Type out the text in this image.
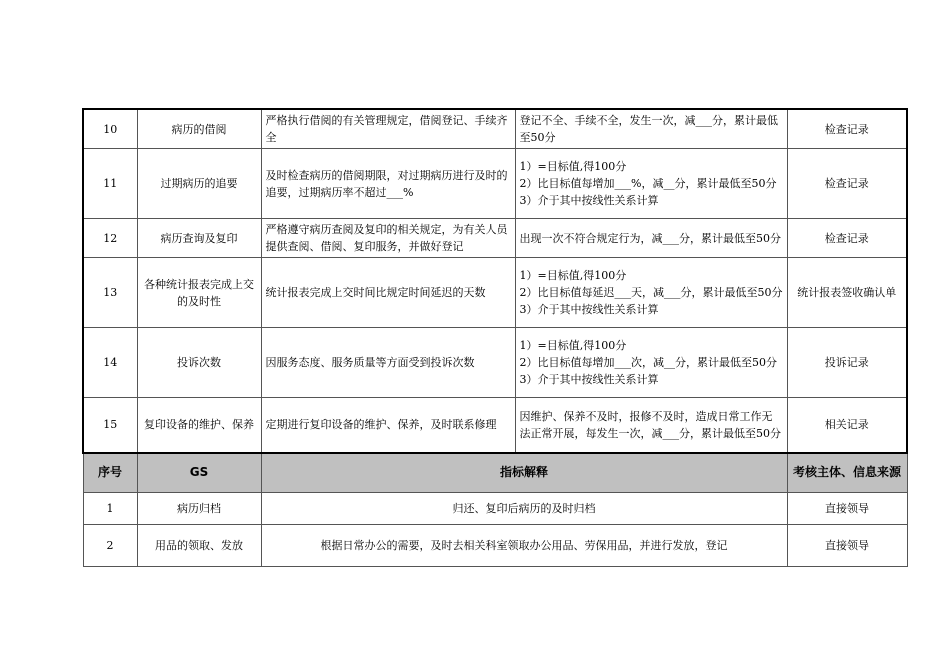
10	病历的借阅	严格执行借阅的有关管理规定，借阅登记、手续齐全	登记不全、手续不全，发生一次，减___分，累计最低至50分	检查记录
11	过期病历的追要	及时检查病历的借阅期限，对过期病历进行及时的追要，过期病历率不超过___%	1）=目标值,得100分
2）比目标值每增加___%，减__分，累计最低至50分
3）介于其中按线性关系计算	检查记录
12	病历查询及复印	严格遵守病历查阅及复印的相关规定，为有关人员提供查阅、借阅、复印服务，并做好登记	出现一次不符合规定行为，减___分，累计最低至50分	检查记录
13	各种统计报表完成上交的及时性	统计报表完成上交时间比规定时间延迟的天数	1）=目标值,得100分
2）比目标值每延迟___天，减___分，累计最低至50分
3）介于其中按线性关系计算	统计报表签收确认单
14	投诉次数	因服务态度、服务质量等方面受到投诉次数	1）=目标值,得100分
2）比目标值每增加___次，减__分，累计最低至50分
3）介于其中按线性关系计算	投诉记录
15	复印设备的维护、保养	定期进行复印设备的维护、保养，及时联系修理	因维护、保养不及时，报修不及时，造成日常工作无法正常开展，每发生一次，减___分，累计最低至50分	相关记录
序号	GS	指标解释		考核主体、信息来源
1	病历归档	归还、复印后病历的及时归档		直接领导
2	用品的领取、发放	根据日常办公的需要，及时去相关科室领取办公用品、劳保用品，并进行发放，登记		直接领导
